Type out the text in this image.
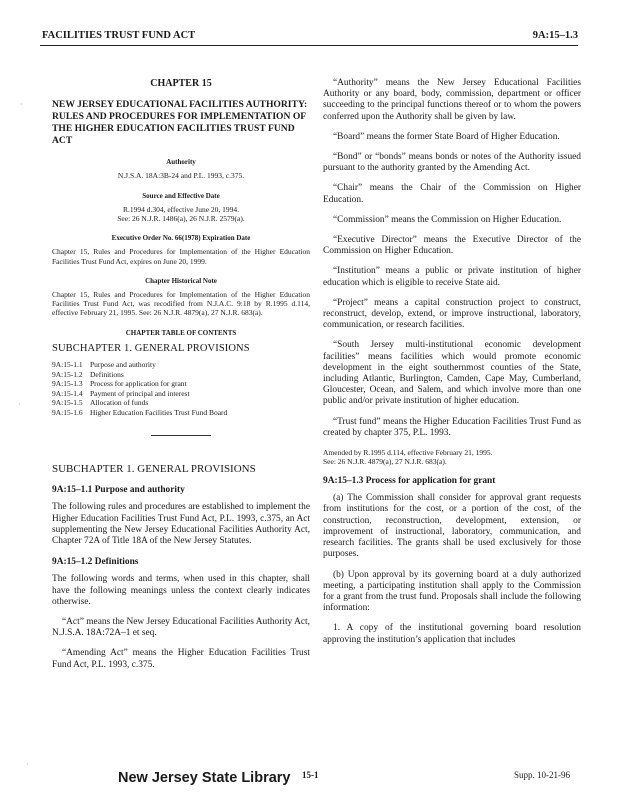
FACILITIES TRUST FUND ACT	9A:15–1.3
CHAPTER 15
NEW JERSEY EDUCATIONAL FACILITIES AUTHORITY: RULES AND PROCEDURES FOR IMPLEMENTATION OF THE HIGHER EDUCATION FACILITIES TRUST FUND ACT
Authority
N.J.S.A. 18A:3B-24 and P.L. 1993, c.375.
Source and Effective Date
R.1994 d.304, effective June 20, 1994.
See: 26 N.J.R. 1486(a), 26 N.J.R. 2579(a).
Executive Order No. 66(1978) Expiration Date
Chapter 15, Rules and Procedures for Implementation of the Higher Education Facilities Trust Fund Act, expires on June 20, 1999.
Chapter Historical Note
Chapter 15, Rules and Procedures for Implementation of the Higher Education Facilities Trust Fund Act, was recodified from N.J.A.C. 9:18 by R.1995 d.114, effective February 21, 1995. See: 26 N.J.R. 4879(a), 27 N.J.R. 683(a).
CHAPTER TABLE OF CONTENTS
SUBCHAPTER 1. GENERAL PROVISIONS
9A:15-1.1 Purpose and authority
9A:15-1.2 Definitions
9A:15-1.3 Process for application for grant
9A:15-1.4 Payment of principal and interest
9A:15-1.5 Allocation of funds
9A:15-1.6 Higher Education Facilities Trust Fund Board
SUBCHAPTER 1. GENERAL PROVISIONS
9A:15–1.1 Purpose and authority

The following rules and procedures are established to implement the Higher Education Facilities Trust Fund Act, P.L. 1993, c.375, an Act supplementing the New Jersey Educational Facilities Authority Act, Chapter 72A of Title 18A of the New Jersey Statutes.

9A:15–1.2 Definitions

The following words and terms, when used in this chapter, shall have the following meanings unless the context clearly indicates otherwise.

“Act” means the New Jersey Educational Facilities Authority Act, N.J.S.A. 18A:72A–1 et seq.

“Amending Act” means the Higher Education Facilities Trust Fund Act, P.L. 1993, c.375.

“Authority” means the New Jersey Educational Facilities Authority or any board, body, commission, department or officer succeeding to the principal functions thereof or to whom the powers conferred upon the Authority shall be given by law.

“Board” means the former State Board of Higher Education.

“Bond” or “bonds” means bonds or notes of the Authority issued pursuant to the authority granted by the Amending Act.

“Chair” means the Chair of the Commission on Higher Education.

“Commission” means the Commission on Higher Education.

“Executive Director” means the Executive Director of the Commission on Higher Education.

“Institution” means a public or private institution of higher education which is eligible to receive State aid.

“Project” means a capital construction project to construct, reconstruct, develop, extend, or improve instructional, laboratory, communication, or research facilities.

“South Jersey multi-institutional economic development facilities” means facilities which would promote economic development in the eight southernmost counties of the State, including Atlantic, Burlington, Camden, Cape May, Cumberland, Gloucester, Ocean, and Salem, and which involve more than one public and/or private institution of higher education.

“Trust fund” means the Higher Education Facilities Trust Fund as created by chapter 375, P.L. 1993.

Amended by R.1995 d.114, effective February 21, 1995.
See: 26 N.J.R. 4879(a), 27 N.J.R. 683(a).
9A:15–1.3 Process for application for grant

(a) The Commission shall consider for approval grant requests from institutions for the cost, or a portion of the cost, of the construction, reconstruction, development, extension, or improvement of instructional, laboratory, communication, and research facilities. The grants shall be used exclusively for those purposes.

(b) Upon approval by its governing board at a duly authorized meeting, a participating institution shall apply to the Commission for a grant from the trust fund. Proposals shall include the following information:

1. A copy of the institutional governing board resolution approving the institution’s application that includes

New Jersey State Library 15-1	Supp. 10-21-96
·
·
·
